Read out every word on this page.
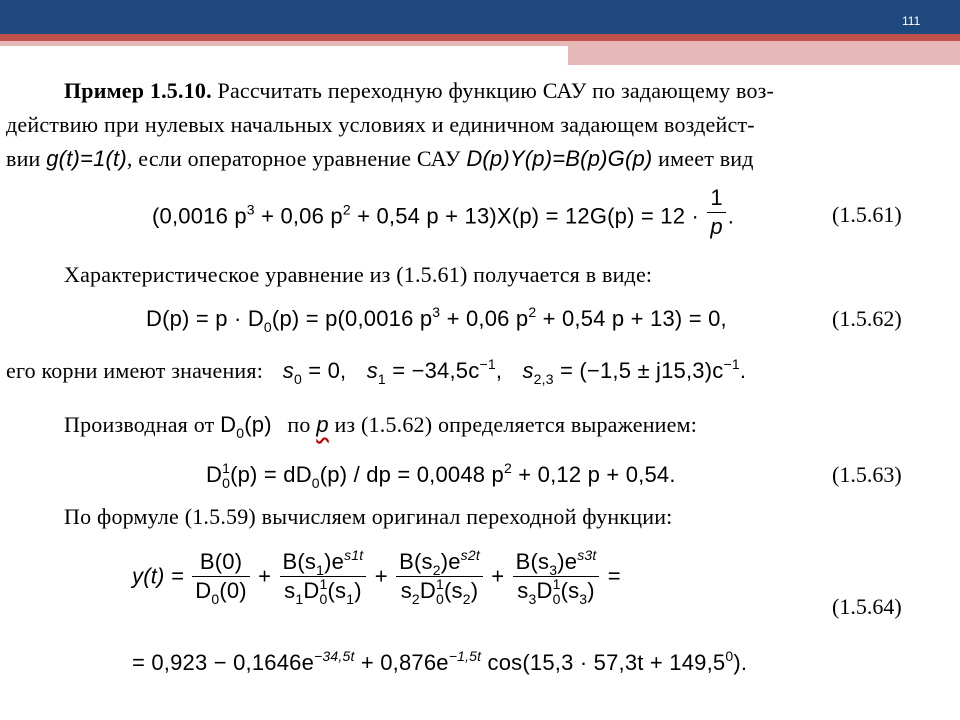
111
Пример 1.5.10. Рассчитать переходную функцию САУ по задающему воз-
действию при нулевых начальных условиях и единичном задающем воздейст-
вии g(t)=1(t), если операторное уравнение САУ D(p)Y(p)=B(p)G(p) имеет вид
(0,0016 $p^3 + 0,06$ $p^2 + 0,54$ $p + 13)X(p) = 12G(p) = 12 \cdot \frac{1}{p}$ .	(1.5.61)
Характеристическое уравнение из (1.5.61) получается в виде:
$D(p) = p \cdot D_0(p) = p(0,0016$ $p^3 + 0,06$ $p^2 + 0,54$ p + 13) = 0,	(1.5.62)
его корни имеют значения: $s_0 = 0$, $s_1 = -34,5c^{-1}$, $s_{2,3} = (-1,5 \pm j15,3)c^{-1}$.
Производная от $D_0(p)$ по p из (1.5.62) определяется выражением:
$D_0^1(p) = dD_0(p)$ / dp = 0,0048 $p^2 + 0,12$ p + 0,54.	(1.5.63)
По формуле (1.5.59) вычисляем оригинал переходной функции:
$y(t) = \frac{B(0)}{D_0(0)} + \frac{B(s_1)e^{s1t}}{s_1D_0^1(s_1)} + \frac{B(s_2)e^{s2t}}{s_2D_0^1(s_2)} + \frac{B(s_3)e^{s3t}}{s_3D_0^1(s_3)}$ =
(1.5.64)
= $0,923 - 0,1646e^{-34,5t} + 0,876e^{-1,5t}$ $\cos(15,3 \cdot 57,3t + 149,5^0)$.
